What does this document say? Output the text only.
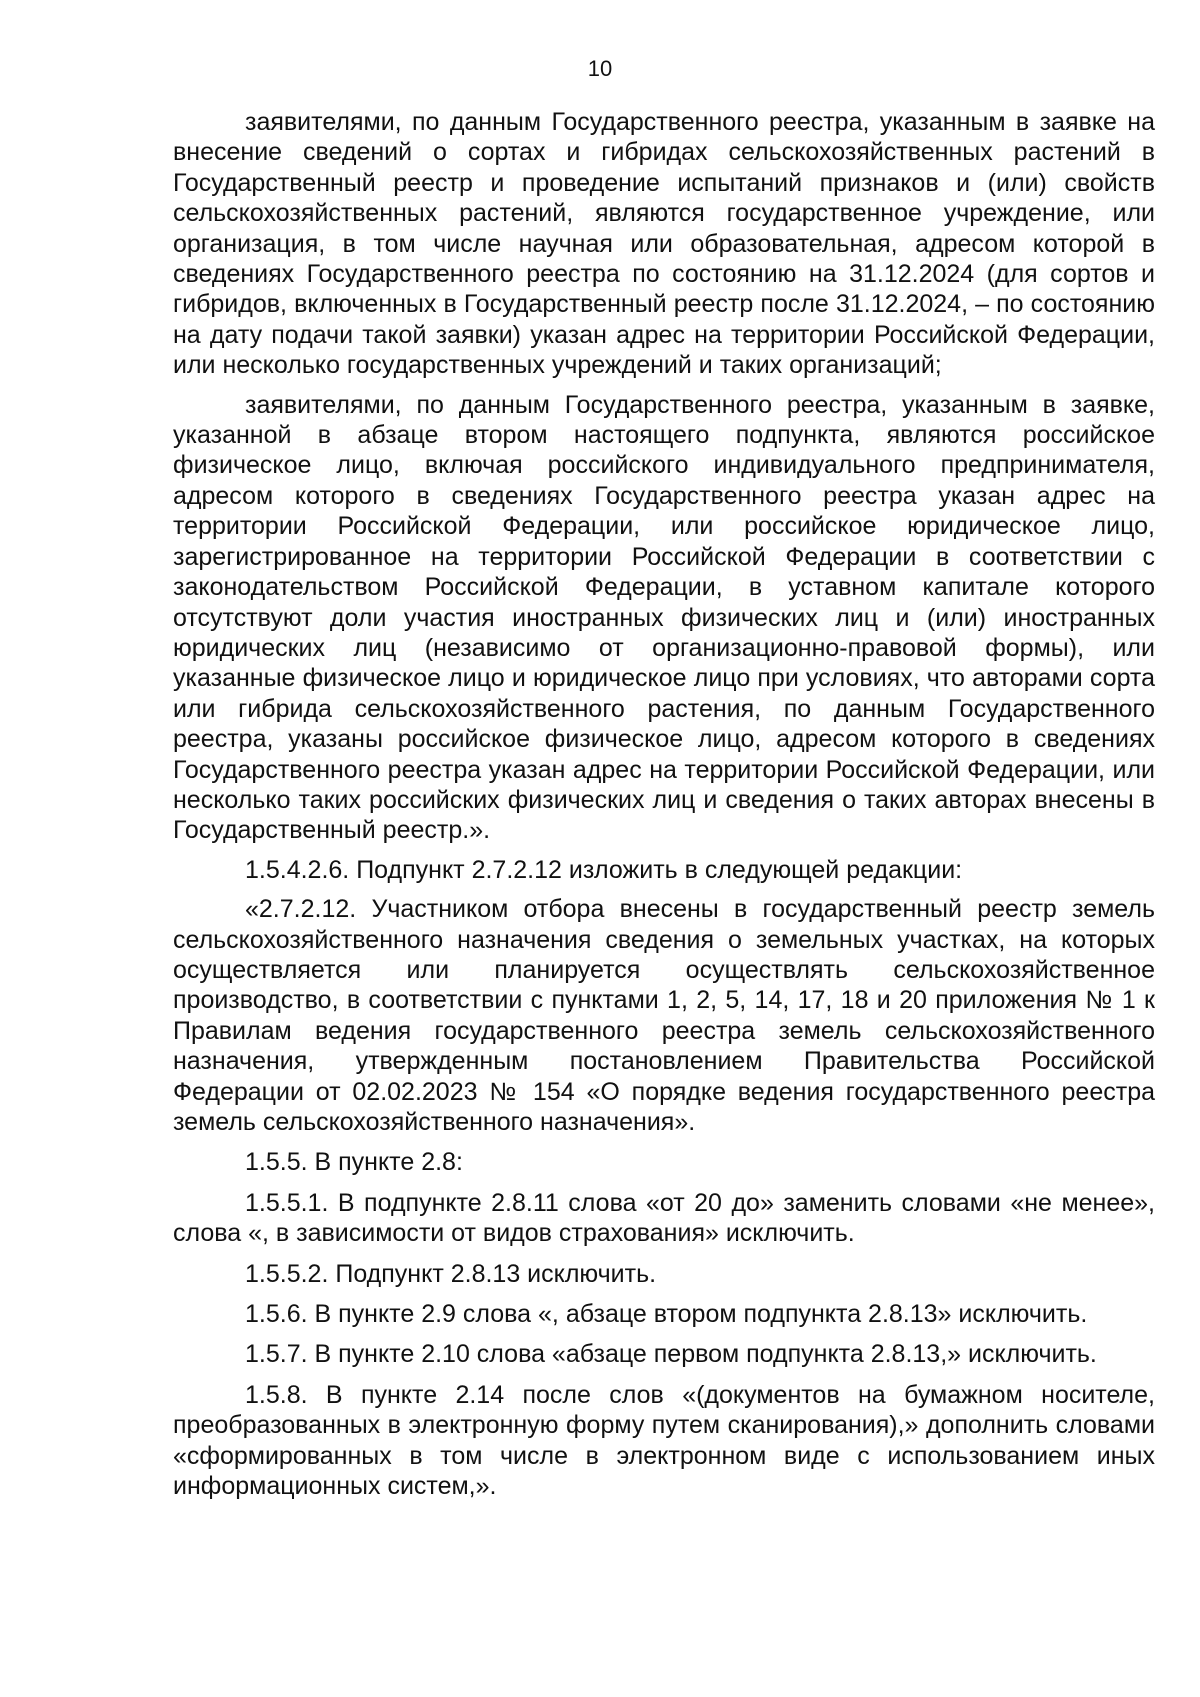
10

заявителями, по данным Государственного реестра, указанным в заявке на внесение сведений о сортах и гибридах сельскохозяйственных растений в Государственный реестр и проведение испытаний признаков и (или) свойств сельскохозяйственных растений, являются государственное учреждение, или организация, в том числе научная или образовательная, адресом которой в сведениях Государственного реестра по состоянию на 31.12.2024 (для сортов и гибридов, включенных в Государственный реестр после 31.12.2024, – по состоянию на дату подачи такой заявки) указан адрес на территории Российской Федерации, или несколько государственных учреждений и таких организаций;

заявителями, по данным Государственного реестра, указанным в заявке, указанной в абзаце втором настоящего подпункта, являются российское физическое лицо, включая российского индивидуального предпринимателя, адресом которого в сведениях Государственного реестра указан адрес на территории Российской Федерации, или российское юридическое лицо, зарегистрированное на территории Российской Федерации в соответствии с законодательством Российской Федерации, в уставном капитале которого отсутствуют доли участия иностранных физических лиц и (или) иностранных юридических лиц (независимо от организационно-правовой формы), или указанные физическое лицо и юридическое лицо при условиях, что авторами сорта или гибрида сельскохозяйственного растения, по данным Государственного реестра, указаны российское физическое лицо, адресом которого в сведениях Государственного реестра указан адрес на территории Российской Федерации, или несколько таких российских физических лиц и сведения о таких авторах внесены в Государственный реестр.».

1.5.4.2.6. Подпункт 2.7.2.12 изложить в следующей редакции:

«2.7.2.12. Участником отбора внесены в государственный реестр земель сельскохозяйственного назначения сведения о земельных участках, на которых осуществляется или планируется осуществлять сельскохозяйственное производство, в соответствии с пунктами 1, 2, 5, 14, 17, 18 и 20 приложения № 1 к Правилам ведения государственного реестра земель сельскохозяйственного назначения, утвержденным постановлением Правительства Российской Федерации от 02.02.2023 № 154 «О порядке ведения государственного реестра земель сельскохозяйственного назначения».

1.5.5. В пункте 2.8:

1.5.5.1. В подпункте 2.8.11 слова «от 20 до» заменить словами «не менее», слова «, в зависимости от видов страхования» исключить.

1.5.5.2. Подпункт 2.8.13 исключить.

1.5.6. В пункте 2.9 слова «, абзаце втором подпункта 2.8.13» исключить.

1.5.7. В пункте 2.10 слова «абзаце первом подпункта 2.8.13,» исключить.

1.5.8. В пункте 2.14 после слов «(документов на бумажном носителе, преобразованных в электронную форму путем сканирования),» дополнить словами «сформированных в том числе в электронном виде с использованием иных информационных систем,».
